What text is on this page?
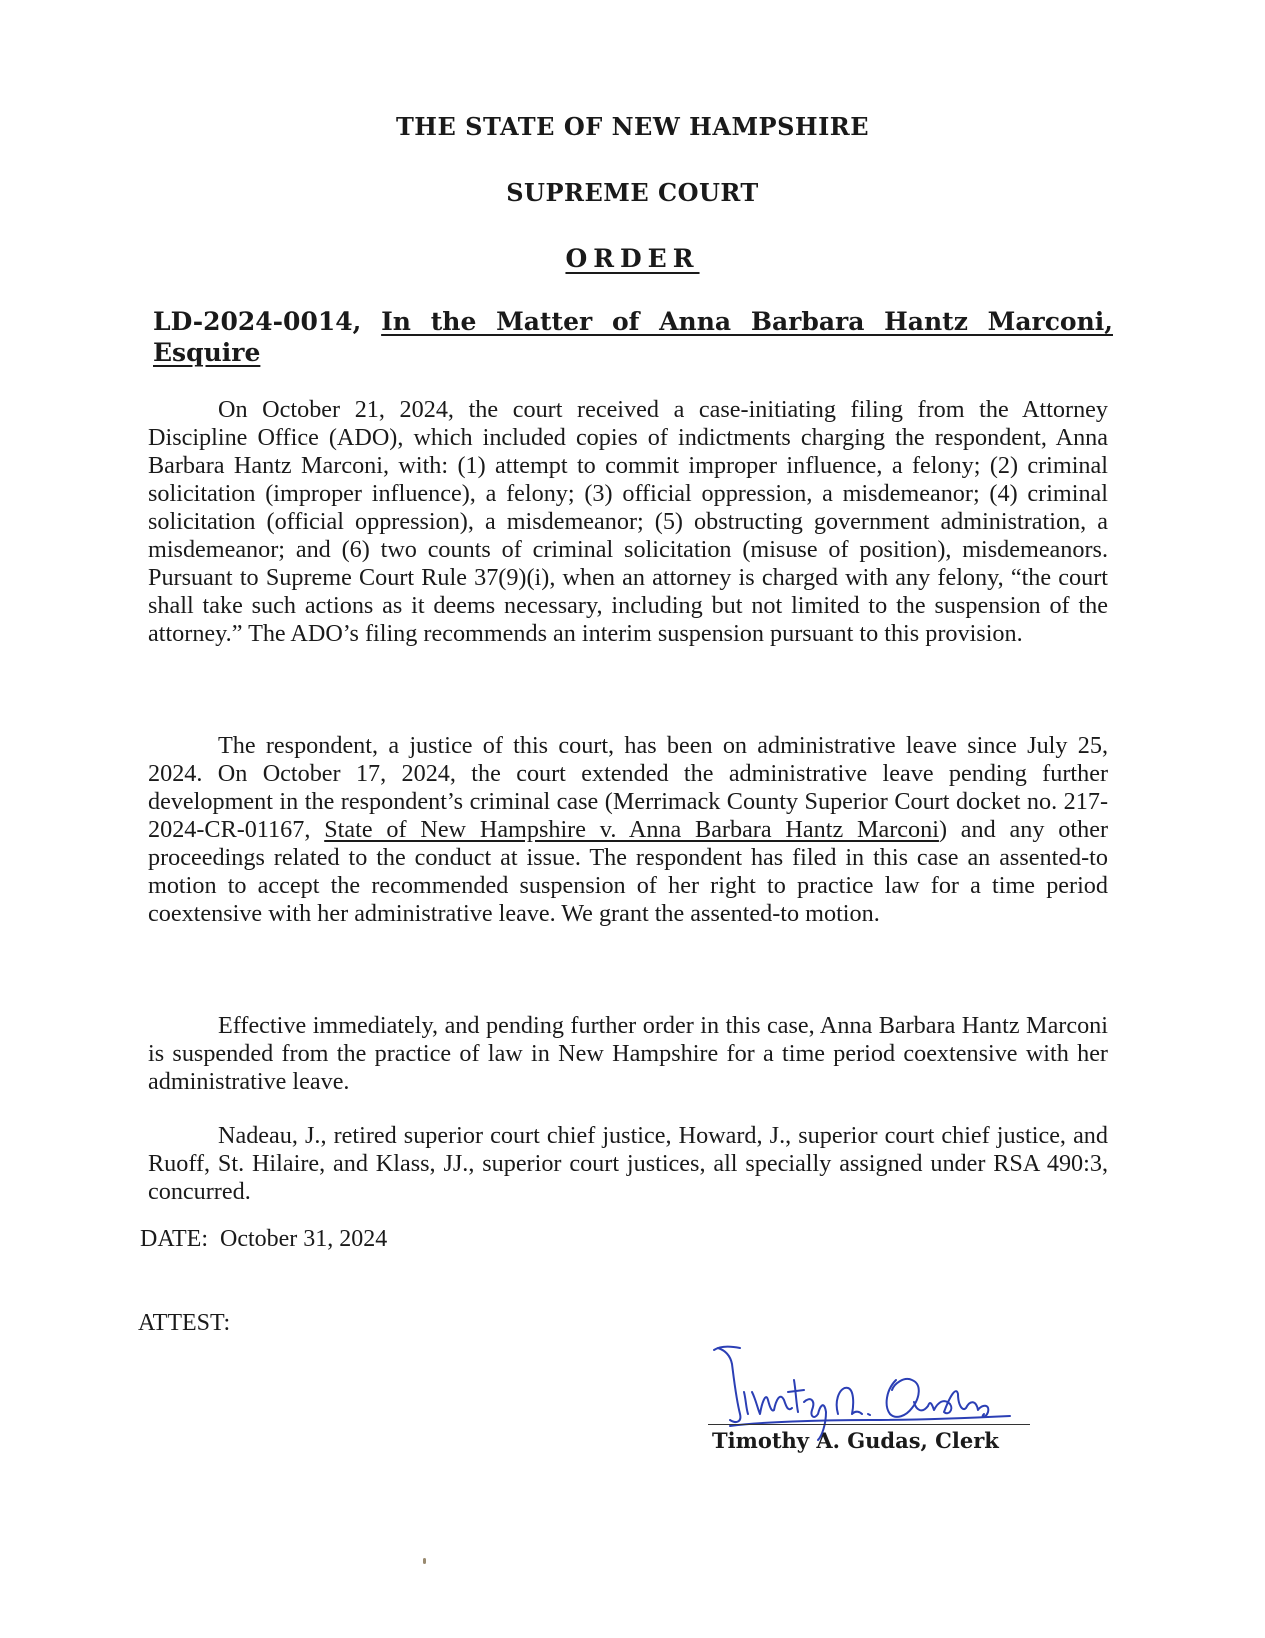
THE STATE OF NEW HAMPSHIRE
SUPREME COURT
ORDER
LD-2024-0014, In the Matter of Anna Barbara Hantz Marconi, Esquire

On October 21, 2024, the court received a case-initiating filing from the Attorney Discipline Office (ADO), which included copies of indictments charging the respondent, Anna Barbara Hantz Marconi, with: (1) attempt to commit improper influence, a felony; (2) criminal solicitation (improper influence), a felony; (3) official oppression, a misdemeanor; (4) criminal solicitation (official oppression), a misdemeanor; (5) obstructing government administration, a misdemeanor; and (6) two counts of criminal solicitation (misuse of position), misdemeanors. Pursuant to Supreme Court Rule 37(9)(i), when an attorney is charged with any felony, “the court shall take such actions as it deems necessary, including but not limited to the suspension of the attorney.” The ADO’s filing recommends an interim suspension pursuant to this provision.

The respondent, a justice of this court, has been on administrative leave since July 25, 2024. On October 17, 2024, the court extended the administrative leave pending further development in the respondent’s criminal case (Merrimack County Superior Court docket no. 217-2024-CR-01167, State of New Hampshire v. Anna Barbara Hantz Marconi) and any other proceedings related to the conduct at issue. The respondent has filed in this case an assented-to motion to accept the recommended suspension of her right to practice law for a time period coextensive with her administrative leave. We grant the assented-to motion.

Effective immediately, and pending further order in this case, Anna Barbara Hantz Marconi is suspended from the practice of law in New Hampshire for a time period coextensive with her administrative leave.

Nadeau, J., retired superior court chief justice, Howard, J., superior court chief justice, and Ruoff, St. Hilaire, and Klass, JJ., superior court justices, all specially assigned under RSA 490:3, concurred.

DATE: October 31, 2024
ATTEST:
Timothy A. Gudas, Clerk
